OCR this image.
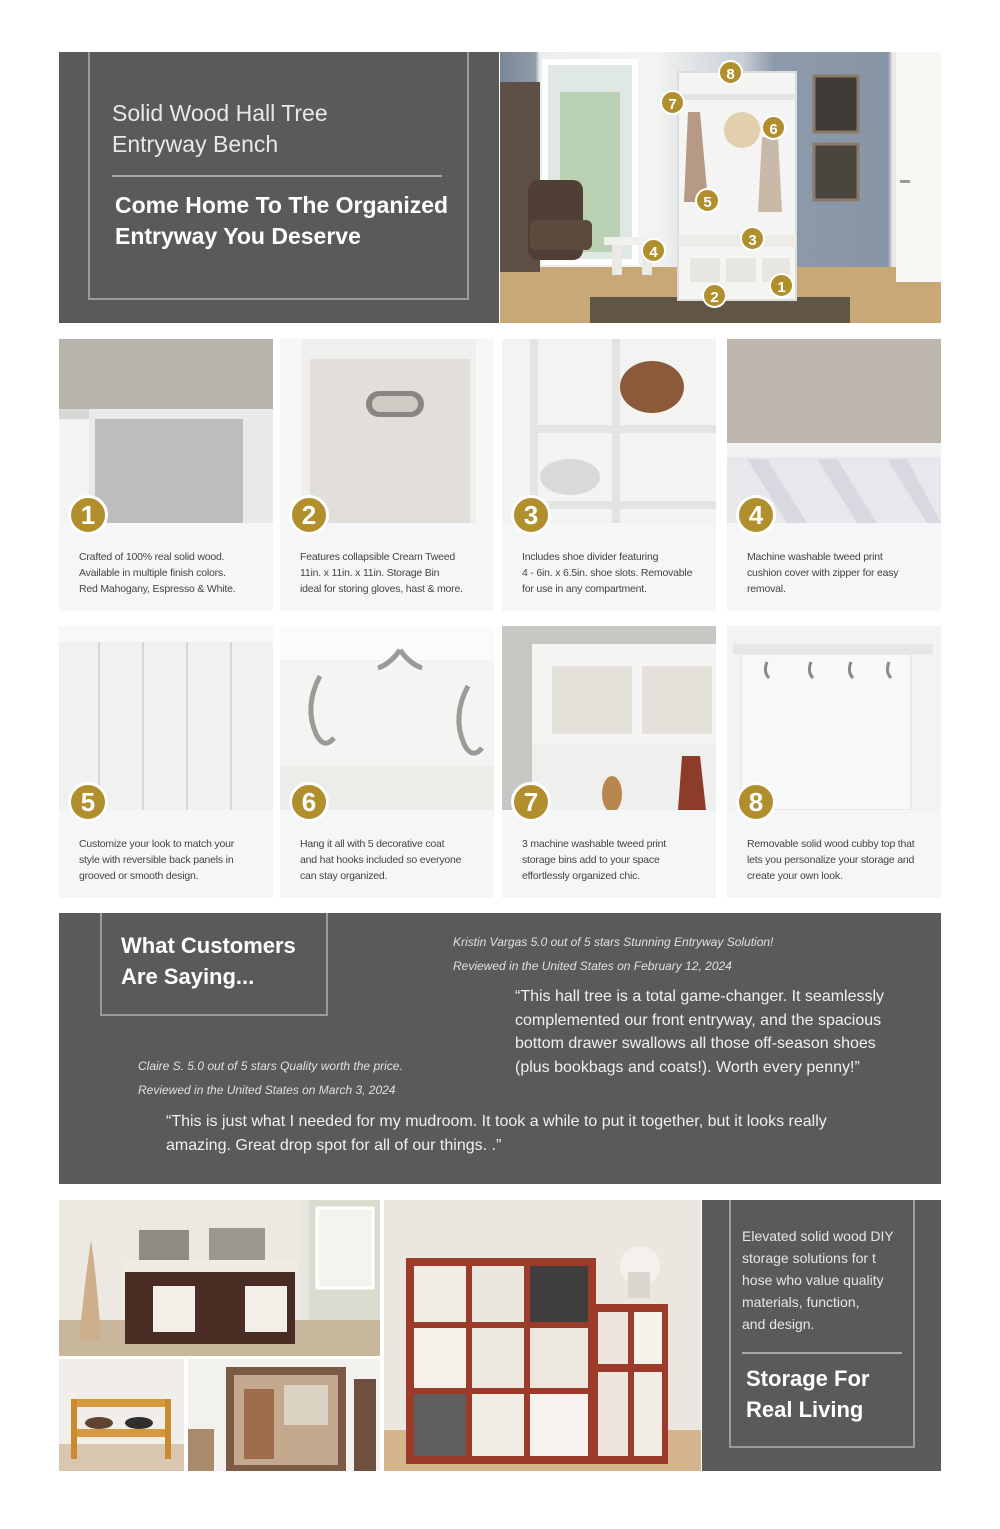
Solid Wood Hall Tree
Entryway Bench
Come Home To The Organized
Entryway You Deserve
8
7
6
5
4
3
2
1
1
Crafted of 100% real solid wood.
Available in multiple finish colors.
Red Mahogany, Espresso & White.
2
Features collapsible Cream Tweed
11in. x 11in. x 11in. Storage Bin
ideal for storing gloves, hast & more.
3
Includes shoe divider featuring
4 - 6in. x 6.5in. shoe slots. Removable
for use in any compartment.
4
Machine washable tweed print
cushion cover with zipper for easy
removal.
5
Customize your look to match your
style with reversible back panels in
grooved or smooth design.
6
Hang it all with 5 decorative coat
and hat hooks included so everyone
can stay organized.
7
3 machine washable tweed print
storage bins add to your space
effortlessly organized chic.
8
Removable solid wood cubby top that
lets you personalize your storage and
create your own look.
What Customers
Are Saying...
Kristin Vargas 5.0 out of 5 stars Stunning Entryway Solution!
Reviewed in the United States on February 12, 2024
“This hall tree is a total game-changer. It seamlessly
complemented our front entryway, and the spacious
bottom drawer swallows all those off-season shoes
(plus bookbags and coats!). Worth every penny!”
Claire S. 5.0 out of 5 stars Quality worth the price.
Reviewed in the United States on March 3, 2024
“This is just what I needed for my mudroom. It took a while to put it together, but it looks really
amazing. Great drop spot for all of our things. .”
Elevated solid wood DIY
storage solutions for t
hose who value quality
materials, function,
and design.
Storage For
Real Living
